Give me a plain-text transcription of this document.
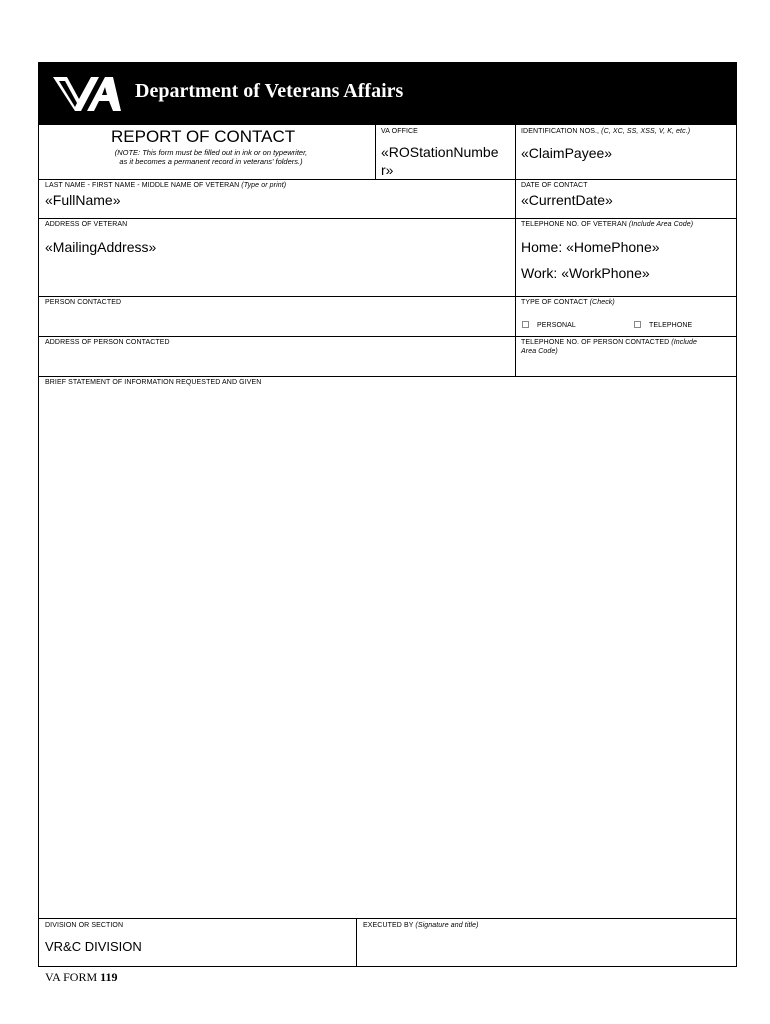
Department of Veterans Affairs
REPORT OF CONTACT
(NOTE: This form must be filled out in ink or on typewriter,
as it becomes a permanent record in veterans' folders.)
VA OFFICE
«ROStationNumbe
r»
IDENTIFICATION NOS., (C, XC, SS, XSS, V, K, etc.)
«ClaimPayee»
LAST NAME - FIRST NAME - MIDDLE NAME OF VETERAN (Type or print)
«FullName»
DATE OF CONTACT
«CurrentDate»
ADDRESS OF VETERAN
«MailingAddress»
TELEPHONE NO. OF VETERAN (Include Area Code)
Home: «HomePhone»
Work: «WorkPhone»
PERSON CONTACTED	TYPE OF CONTACT (Check)
PERSONAL	TELEPHONE
ADDRESS OF PERSON CONTACTED	TELEPHONE NO. OF PERSON CONTACTED (Include
Area Code)
BRIEF STATEMENT OF INFORMATION REQUESTED AND GIVEN
DIVISION OR SECTION
VR&C DIVISION
EXECUTED BY (Signature and title)
VA FORM 119
